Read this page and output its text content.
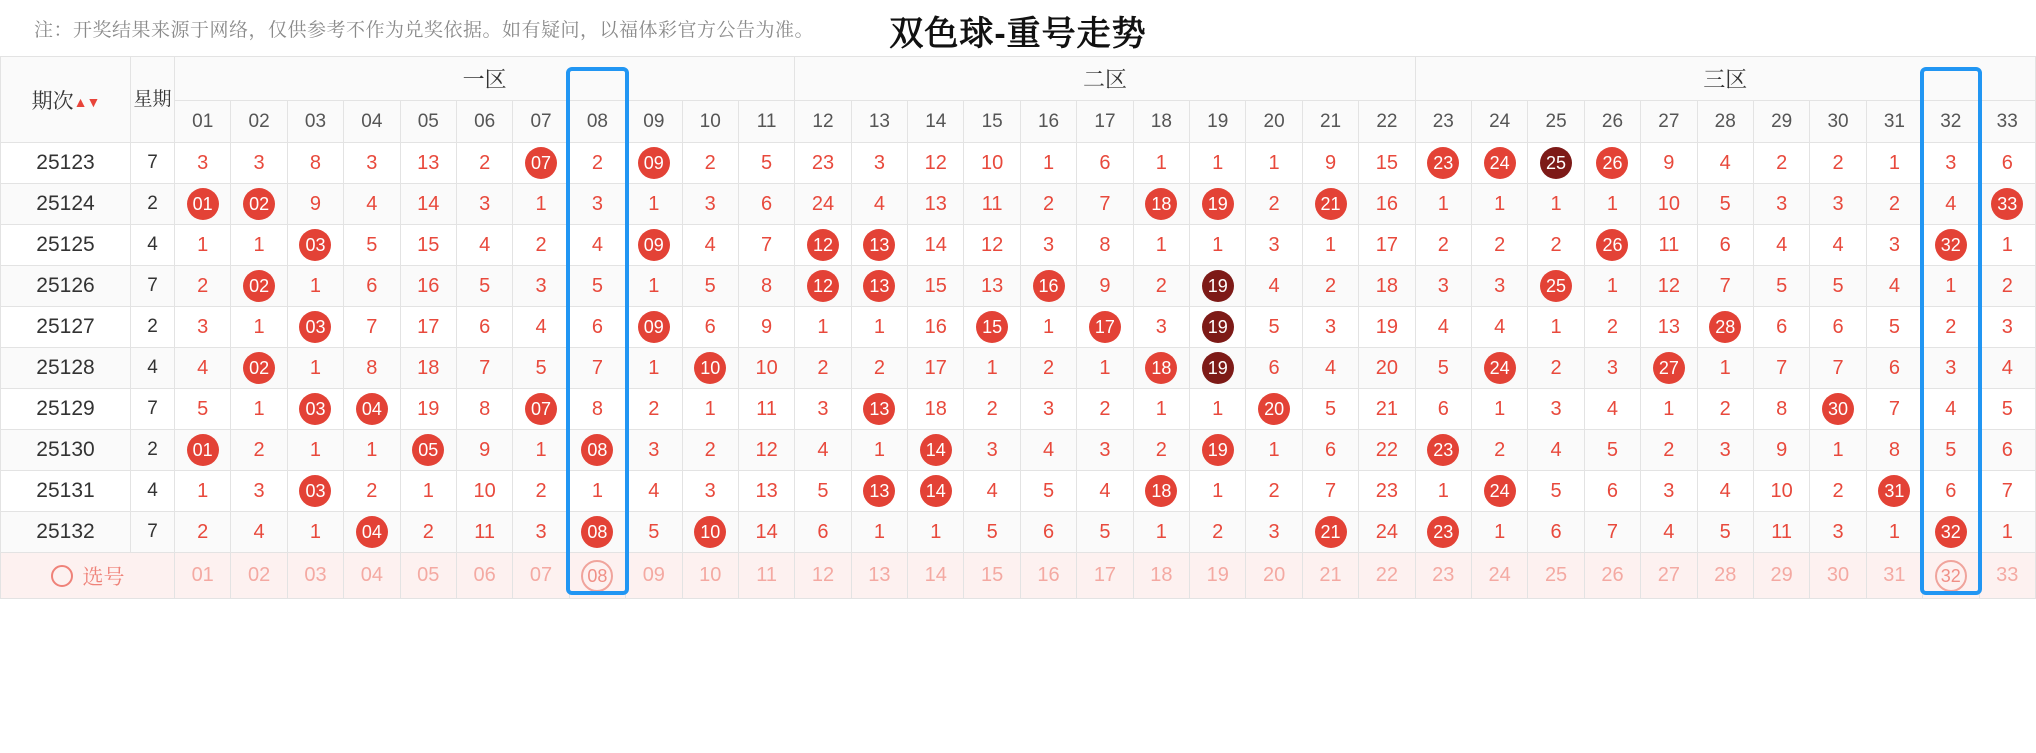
注：开奖结果来源于网络，仅供参考不作为兑奖依据。如有疑问，以福体彩官方公告为准。	双色球-重号走势
期次▲▼	星期	一区											二区											三区										
		01	02	03	04	05	06	07	08	09	10	11	12	13	14	15	16	17	18	19	20	21	22	23	24	25	26	27	28	29	30	31	32	33
25123	7	3	3	8	3	13	2	07	2	09	2	5	23	3	12	10	1	6	1	1	1	9	15	23	24	25	26	9	4	2	2	1	3	6
25124	2	01	02	9	4	14	3	1	3	1	3	6	24	4	13	11	2	7	18	19	2	21	16	1	1	1	1	10	5	3	3	2	4	33
25125	4	1	1	03	5	15	4	2	4	09	4	7	12	13	14	12	3	8	1	1	3	1	17	2	2	2	26	11	6	4	4	3	32	1
25126	7	2	02	1	6	16	5	3	5	1	5	8	12	13	15	13	16	9	2	19	4	2	18	3	3	25	1	12	7	5	5	4	1	2
25127	2	3	1	03	7	17	6	4	6	09	6	9	1	1	16	15	1	17	3	19	5	3	19	4	4	1	2	13	28	6	6	5	2	3
25128	4	4	02	1	8	18	7	5	7	1	10	10	2	2	17	1	2	1	18	19	6	4	20	5	24	2	3	27	1	7	7	6	3	4
25129	7	5	1	03	04	19	8	07	8	2	1	11	3	13	18	2	3	2	1	1	20	5	21	6	1	3	4	1	2	8	30	7	4	5
25130	2	01	2	1	1	05	9	1	08	3	2	12	4	1	14	3	4	3	2	19	1	6	22	23	2	4	5	2	3	9	1	8	5	6
25131	4	1	3	03	2	1	10	2	1	4	3	13	5	13	14	4	5	4	18	1	2	7	23	1	24	5	6	3	4	10	2	31	6	7
25132	7	2	4	1	04	2	11	3	08	5	10	14	6	1	1	5	6	5	1	2	3	21	24	23	1	6	7	4	5	11	3	1	32	1

选号		01	02	03	04	05	06	07	08	09	10	11	12	13	14	15	16	17	18	19	20	21	22	23	24	25	26	27	28	29	30	31	32	33
